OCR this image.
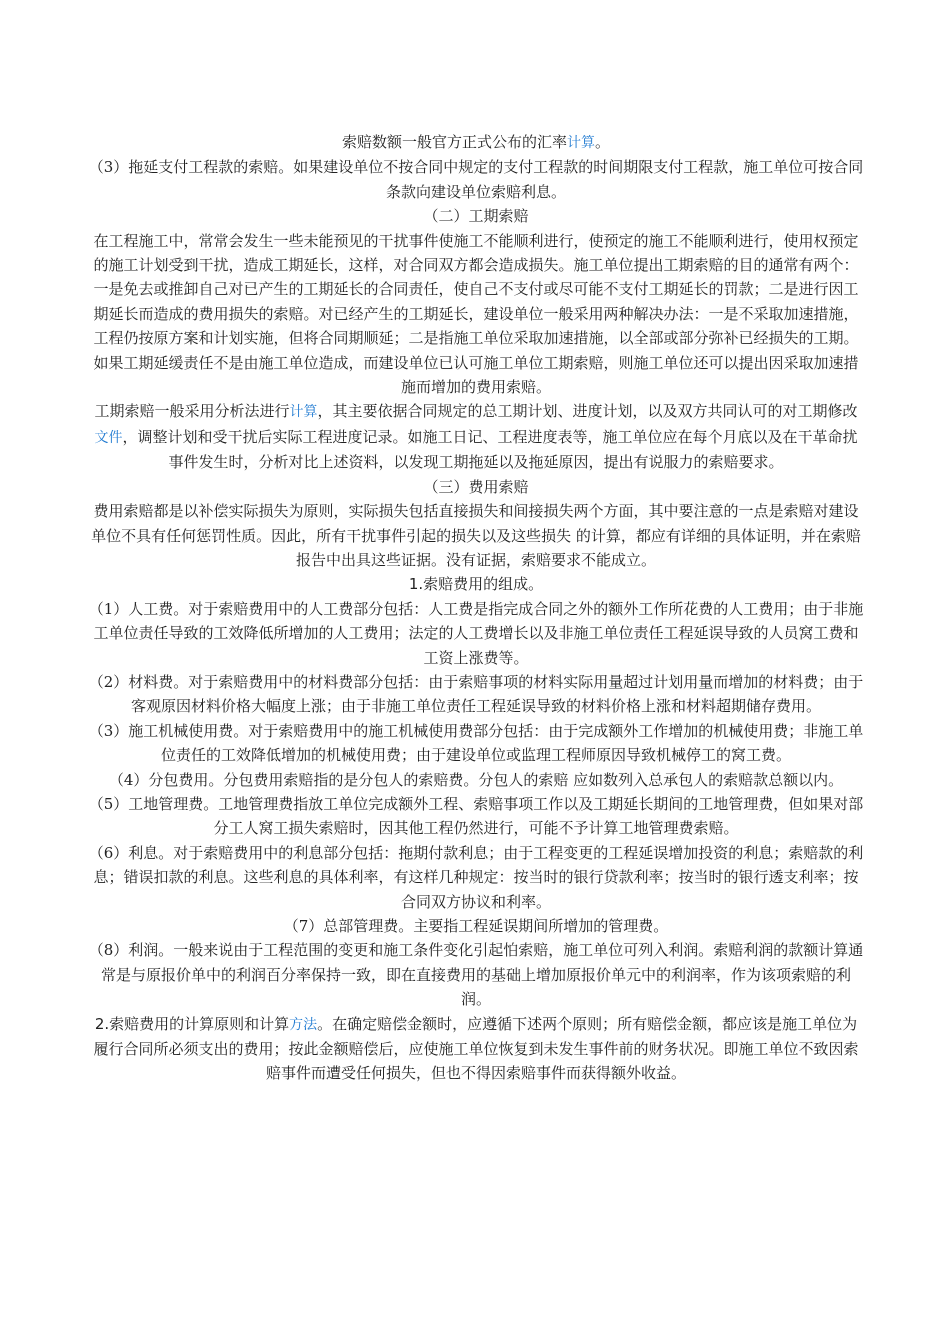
索赔数额一般官方正式公布的汇率计算。

（3）拖延支付工程款的索赔。如果建设单位不按合同中规定的支付工程款的时间期限支付工程款，施工单位可按合同条款向建设单位索赔利息。

（二）工期索赔

在工程施工中，常常会发生一些未能预见的干扰事件使施工不能顺利进行，使预定的施工不能顺利进行，使用权预定的施工计划受到干扰，造成工期延长，这样，对合同双方都会造成损失。施工单位提出工期索赔的目的通常有两个：一是免去或推卸自己对已产生的工期延长的合同责任，使自己不支付或尽可能不支付工期延长的罚款；二是进行因工期延长而造成的费用损失的索赔。对已经产生的工期延长，建设单位一般采用两种解决办法：一是不采取加速措施，工程仍按原方案和计划实施，但将合同期顺延；二是指施工单位采取加速措施，以全部或部分弥补已经损失的工期。如果工期延缓责任不是由施工单位造成，而建设单位已认可施工单位工期索赔，则施工单位还可以提出因采取加速措施而增加的费用索赔。

工期索赔一般采用分析法进行计算，其主要依据合同规定的总工期计划、进度计划，以及双方共同认可的对工期修改文件，调整计划和受干扰后实际工程进度记录。如施工日记、工程进度表等，施工单位应在每个月底以及在干革命扰事件发生时，分析对比上述资料，以发现工期拖延以及拖延原因，提出有说服力的索赔要求。

（三）费用索赔

费用索赔都是以补偿实际损失为原则，实际损失包括直接损失和间接损失两个方面，其中要注意的一点是索赔对建设单位不具有任何惩罚性质。因此，所有干扰事件引起的损失以及这些损失 的计算，都应有详细的具体证明，并在索赔报告中出具这些证据。没有证据，索赔要求不能成立。

1.索赔费用的组成。

（1）人工费。对于索赔费用中的人工费部分包括：人工费是指完成合同之外的额外工作所花费的人工费用；由于非施工单位责任导致的工效降低所增加的人工费用；法定的人工费增长以及非施工单位责任工程延误导致的人员窝工费和工资上涨费等。

（2）材料费。对于索赔费用中的材料费部分包括：由于索赔事项的材料实际用量超过计划用量而增加的材料费；由于客观原因材料价格大幅度上涨；由于非施工单位责任工程延误导致的材料价格上涨和材料超期储存费用。

（3）施工机械使用费。对于索赔费用中的施工机械使用费部分包括：由于完成额外工作增加的机械使用费；非施工单位责任的工效降低增加的机械使用费；由于建设单位或监理工程师原因导致机械停工的窝工费。

（4）分包费用。分包费用索赔指的是分包人的索赔费。分包人的索赔 应如数列入总承包人的索赔款总额以内。

（5）工地管理费。工地管理费指放工单位完成额外工程、索赔事项工作以及工期延长期间的工地管理费，但如果对部分工人窝工损失索赔时，因其他工程仍然进行，可能不予计算工地管理费索赔。

（6）利息。对于索赔费用中的利息部分包括：拖期付款利息；由于工程变更的工程延误增加投资的利息；索赔款的利息；错误扣款的利息。这些利息的具体利率，有这样几种规定：按当时的银行贷款利率；按当时的银行透支利率；按合同双方协议和利率。

（7）总部管理费。主要指工程延误期间所增加的管理费。

（8）利润。一般来说由于工程范围的变更和施工条件变化引起怕索赔，施工单位可列入利润。索赔利润的款额计算通常是与原报价单中的利润百分率保持一致，即在直接费用的基础上增加原报价单元中的利润率，作为该项索赔的利润。

2.索赔费用的计算原则和计算方法。在确定赔偿金额时，应遵循下述两个原则；所有赔偿金额，都应该是施工单位为履行合同所必须支出的费用；按此金额赔偿后，应使施工单位恢复到未发生事件前的财务状况。即施工单位不致因索赔事件而遭受任何损失，但也不得因索赔事件而获得额外收益。
